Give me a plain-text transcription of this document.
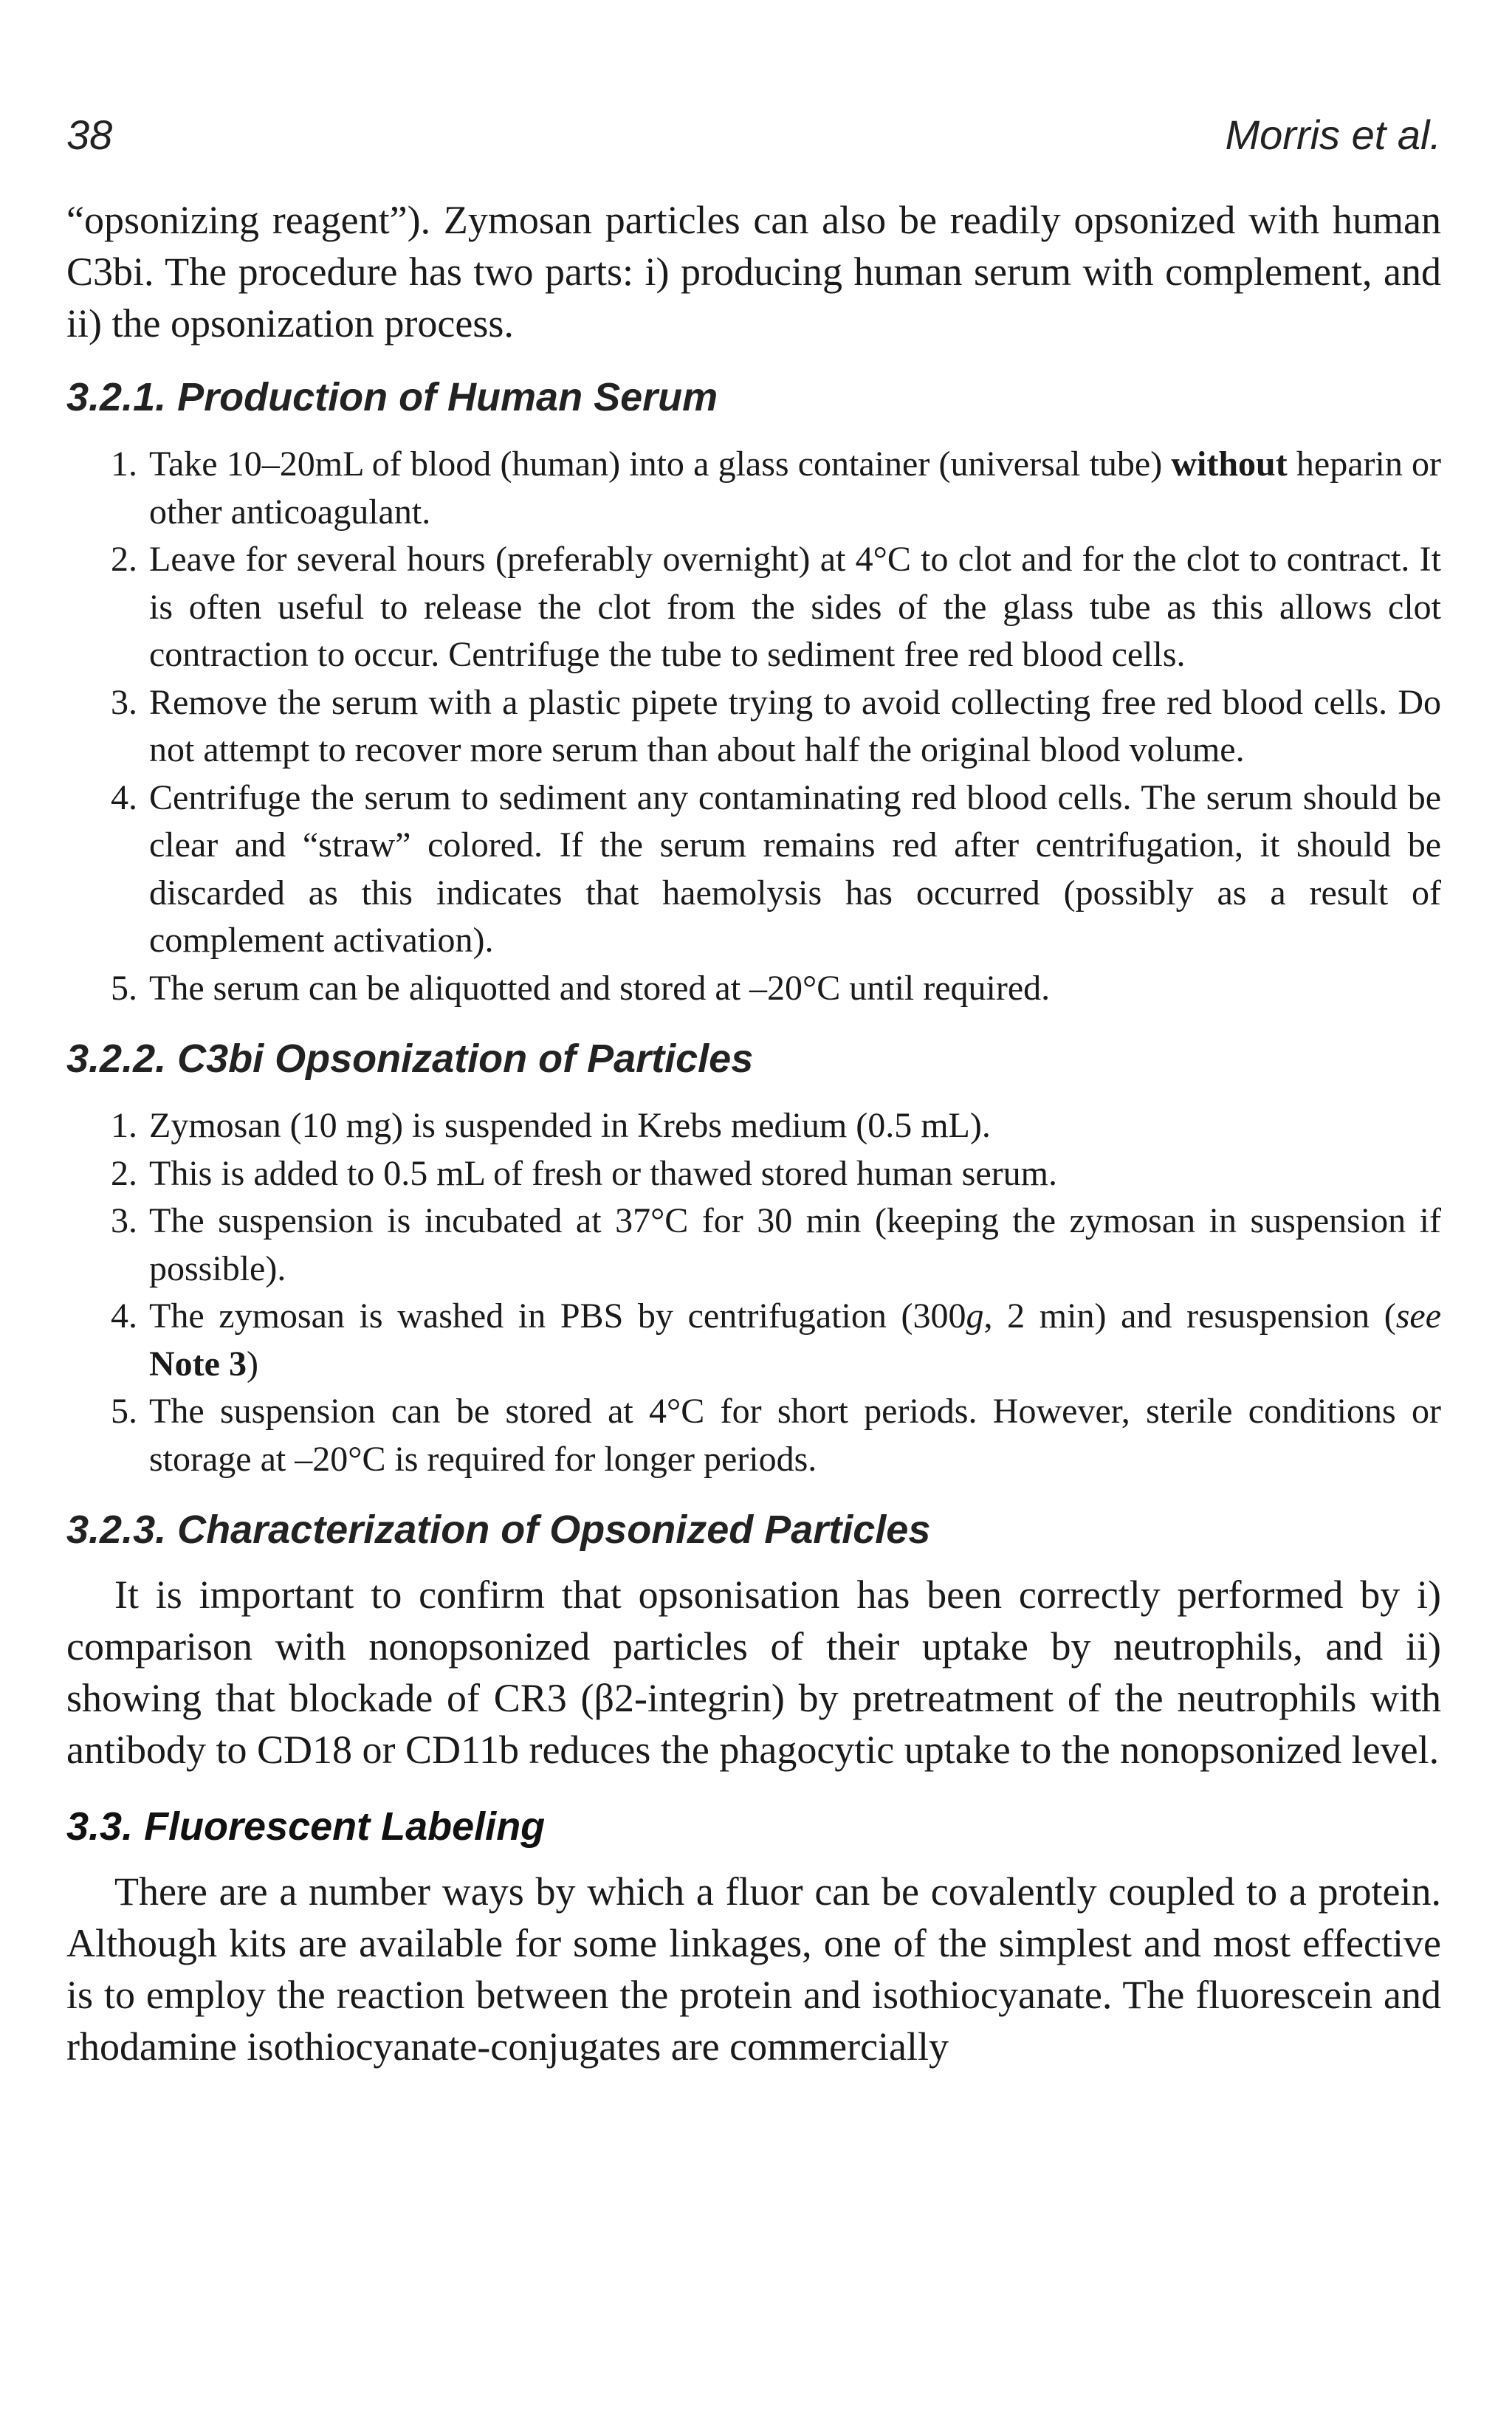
38	Morris et al.

“opsonizing reagent”). Zymosan particles can also be readily opsonized with human C3bi. The procedure has two parts: i) producing human serum with complement, and ii) the opsonization process.

3.2.1. Production of Human Serum
1. Take 10–20mL of blood (human) into a glass container (universal tube) without heparin or other anticoagulant.
2. Leave for several hours (preferably overnight) at 4°C to clot and for the clot to contract. It is often useful to release the clot from the sides of the glass tube as this allows clot contraction to occur. Centrifuge the tube to sediment free red blood cells.
3. Remove the serum with a plastic pipete trying to avoid collecting free red blood cells. Do not attempt to recover more serum than about half the original blood volume.
4. Centrifuge the serum to sediment any contaminating red blood cells. The serum should be clear and “straw” colored. If the serum remains red after centrifugation, it should be discarded as this indicates that haemolysis has occurred (possibly as a result of complement activation).
5. The serum can be aliquotted and stored at –20°C until required.
3.2.2. C3bi Opsonization of Particles
1. Zymosan (10 mg) is suspended in Krebs medium (0.5 mL).
2. This is added to 0.5 mL of fresh or thawed stored human serum.
3. The suspension is incubated at 37°C for 30 min (keeping the zymosan in suspension if possible).
4. The zymosan is washed in PBS by centrifugation (300g, 2 min) and resuspension (see Note 3)
5. The suspension can be stored at 4°C for short periods. However, sterile conditions or storage at –20°C is required for longer periods.
3.2.3. Characterization of Opsonized Particles

It is important to confirm that opsonisation has been correctly performed by i) comparison with nonopsonized particles of their uptake by neutrophils, and ii) showing that blockade of CR3 (β2-integrin) by pretreatment of the neutrophils with antibody to CD18 or CD11b reduces the phagocytic uptake to the nonopsonized level.

3.3. Fluorescent Labeling

There are a number ways by which a fluor can be covalently coupled to a protein. Although kits are available for some linkages, one of the simplest and most effective is to employ the reaction between the protein and isothiocyanate. The fluorescein and rhodamine isothiocyanate-conjugates are commercially
